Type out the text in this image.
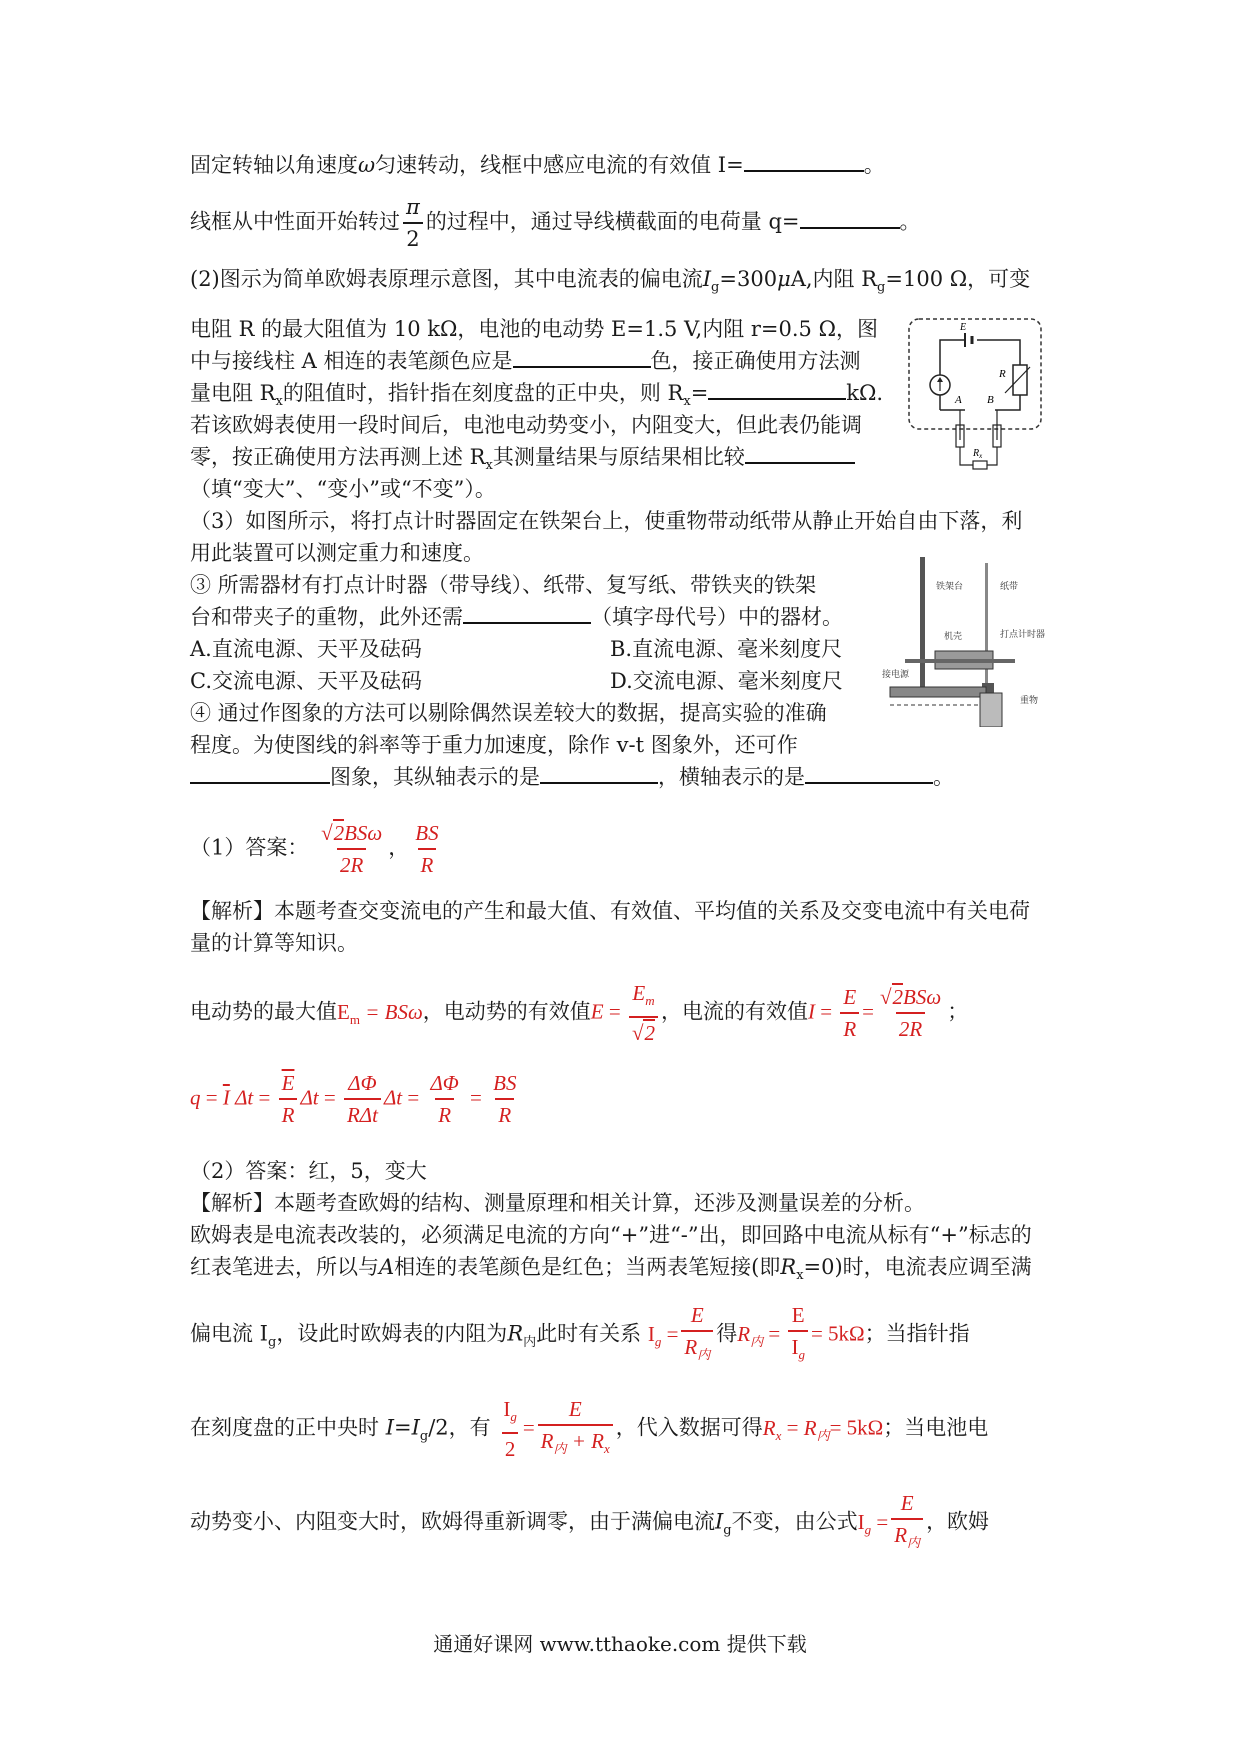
固定转轴以角速度ω匀速转动，线框中感应电流的有效值 I=	。
线框从中性面开始转过 $\frac{\pi}{2}$ 的过程中，通过导线横截面的电荷量 q=	。
(2)图示为简单欧姆表原理示意图，其中电流表的偏电流$I_g=300\mu A$,内阻 $R_g=100$ Ω，可变
电阻 R 的最大阻值为 10 kΩ，电池的电动势 E=1.5 V,内阻 r=0.5 Ω，图
中与接线柱 A 相连的表笔颜色应是	色，接正确使用方法测
量电阻 $R_x$的阻值时，指针指在刻度盘的正中央，则 $R_x=$	kΩ.
若该欧姆表使用一段时间后，电池电动势变小，内阻变大，但此表仍能调
零，按正确使用方法再测上述 $R_x$其测量结果与原结果相比较
（填“变大”、“变小”或“不变”）。
E
R
A B
$R_x$
（3）如图所示，将打点计时器固定在铁架台上，使重物带动纸带从静止开始自由下落，利
用此装置可以测定重力和速度。
③ 所需器材有打点计时器（带导线）、纸带、复写纸、带铁夹的铁架
台和带夹子的重物，此外还需	（填字母代号）中的器材。
A.直流电源、天平及砝码	B.直流电源、毫米刻度尺
C.交流电源、天平及砝码	D.交流电源、毫米刻度尺
④ 通过作图象的方法可以剔除偶然误差较大的数据，提高实验的准确
程度。为使图线的斜率等于重力加速度，除作 v-t 图象外，还可作
图象，其纵轴表示的是	，横轴表示的是	。
铁架台	纸带
打点计时器
机壳
接电源
重物
（1）答案： $\frac{\text{√2BSω}}{2R}$ ， $\frac{BS}{R}$
【解析】本题考查交变流电的产生和最大值、有效值、平均值的关系及交变电流中有关电荷
量的计算等知识。
电动势的最大值$E_m = BS\omega$，电动势的有效值$E = \frac{E_m}{√2}$ ，电流的有效值$I = \frac{E}{R} = \frac{\text{√2BSω}}{2R}$ ；
$q = \overline{I}$ $\Delta t = \frac{\overline{E}}{R}$ $\Delta t = \frac{\Delta\Phi}{\text{RΔt}}$ $\Delta t = \frac{\Delta\Phi}{R} = \frac{BS}{R}$
（2）答案：红，5，变大
【解析】本题考查欧姆的结构、测量原理和相关计算，还涉及测量误差的分析。
欧姆表是电流表改装的，必须满足电流的方向“+”进“-”出，即回路中电流从标有“+”标志的
红表笔进去，所以与A相连的表笔颜色是红色；当两表笔短接(即$R_x=0$)时，电流表应调至满
偏电流 $I_g$，设此时欧姆表的内阻为$R_内$此时有关系 $I_g = \frac{E}{R_内}$ 得$R_内 = \frac{E}{I_g} = 5k\Omega$；当指针指
在刻度盘的正中央时 $I=I_g/2$，有 $\frac{I_g}{2} = \frac{E}{R_内 + R_x}$ ，代入数据可得$R_x = R_内= 5k\Omega$；当电池电
动势变小、内阻变大时，欧姆得重新调零，由于满偏电流$I_g$不变，由公式$I_g = \frac{E}{R_内}$ ，欧姆
通通好课网 www.tthaoke.com 提供下载
